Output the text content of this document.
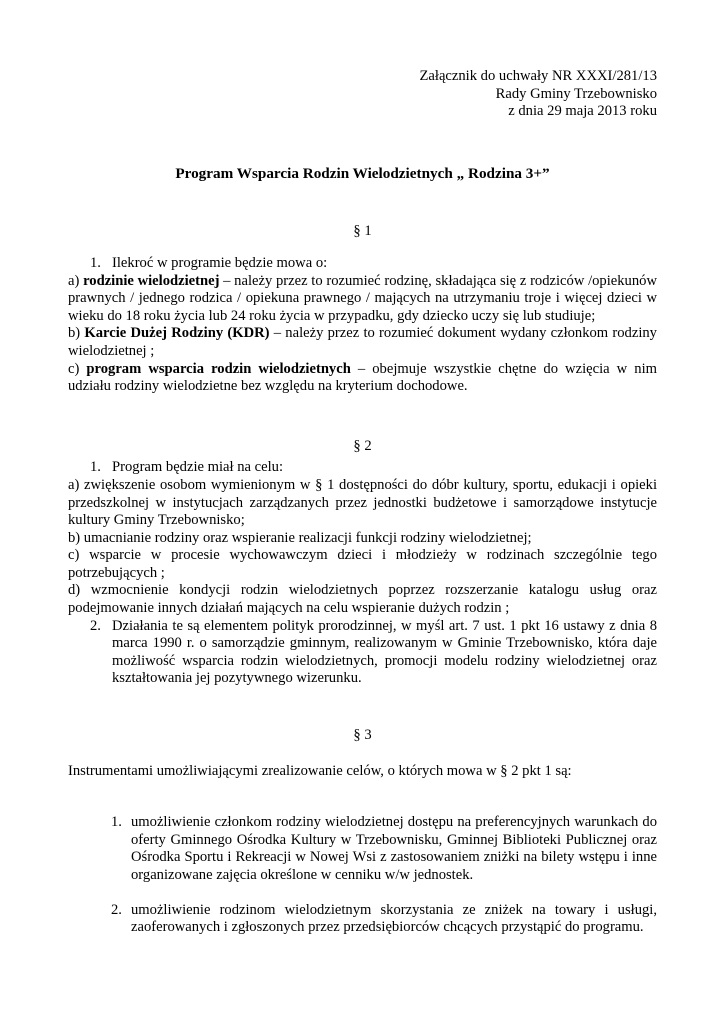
Załącznik do uchwały NR XXXI/281/13
Rady Gminy Trzebownisko
z dnia 29 maja 2013 roku
Program Wsparcia Rodzin Wielodzietnych „ Rodzina 3+”
§ 1
1. Ilekroć w programie będzie mowa o:
a) rodzinie wielodzietnej – należy przez to rozumieć rodzinę, składająca się z rodziców /opiekunów prawnych / jednego rodzica / opiekuna prawnego / mających na utrzymaniu troje i więcej dzieci w wieku do 18 roku życia lub 24 roku życia w przypadku, gdy dziecko uczy się lub studiuje;
b) Karcie Dużej Rodziny (KDR) – należy przez to rozumieć dokument wydany członkom rodziny wielodzietnej ;
c) program wsparcia rodzin wielodzietnych – obejmuje wszystkie chętne do wzięcia w nim udziału rodziny wielodzietne bez względu na kryterium dochodowe.
§ 2
1. Program będzie miał na celu:
a) zwiększenie osobom wymienionym w § 1 dostępności do dóbr kultury, sportu, edukacji i opieki przedszkolnej w instytucjach zarządzanych przez jednostki budżetowe i samorządowe instytucje kultury Gminy Trzebownisko;
b) umacnianie rodziny oraz wspieranie realizacji funkcji rodziny wielodzietnej;
c) wsparcie w procesie wychowawczym dzieci i młodzieży w rodzinach szczególnie tego potrzebujących ;
d) wzmocnienie kondycji rodzin wielodzietnych poprzez rozszerzanie katalogu usług oraz podejmowanie innych działań mających na celu wspieranie dużych rodzin ;
2. Działania te są elementem polityk prorodzinnej, w myśl art. 7 ust. 1 pkt 16 ustawy z dnia 8 marca 1990 r. o samorządzie gminnym, realizowanym w Gminie Trzebownisko, która daje możliwość wsparcia rodzin wielodzietnych, promocji modelu rodziny wielodzietnej oraz kształtowania jej pozytywnego wizerunku.
§ 3
Instrumentami umożliwiającymi zrealizowanie celów, o których mowa w § 2 pkt 1 są:
1. umożliwienie członkom rodziny wielodzietnej dostępu na preferencyjnych warunkach do oferty Gminnego Ośrodka Kultury w Trzebownisku, Gminnej Biblioteki Publicznej oraz Ośrodka Sportu i Rekreacji w Nowej Wsi z zastosowaniem zniżki na bilety wstępu i inne organizowane zajęcia określone w cenniku w/w jednostek.
2. umożliwienie rodzinom wielodzietnym skorzystania ze zniżek na towary i usługi, zaoferowanych i zgłoszonych przez przedsiębiorców chcących przystąpić do programu.
